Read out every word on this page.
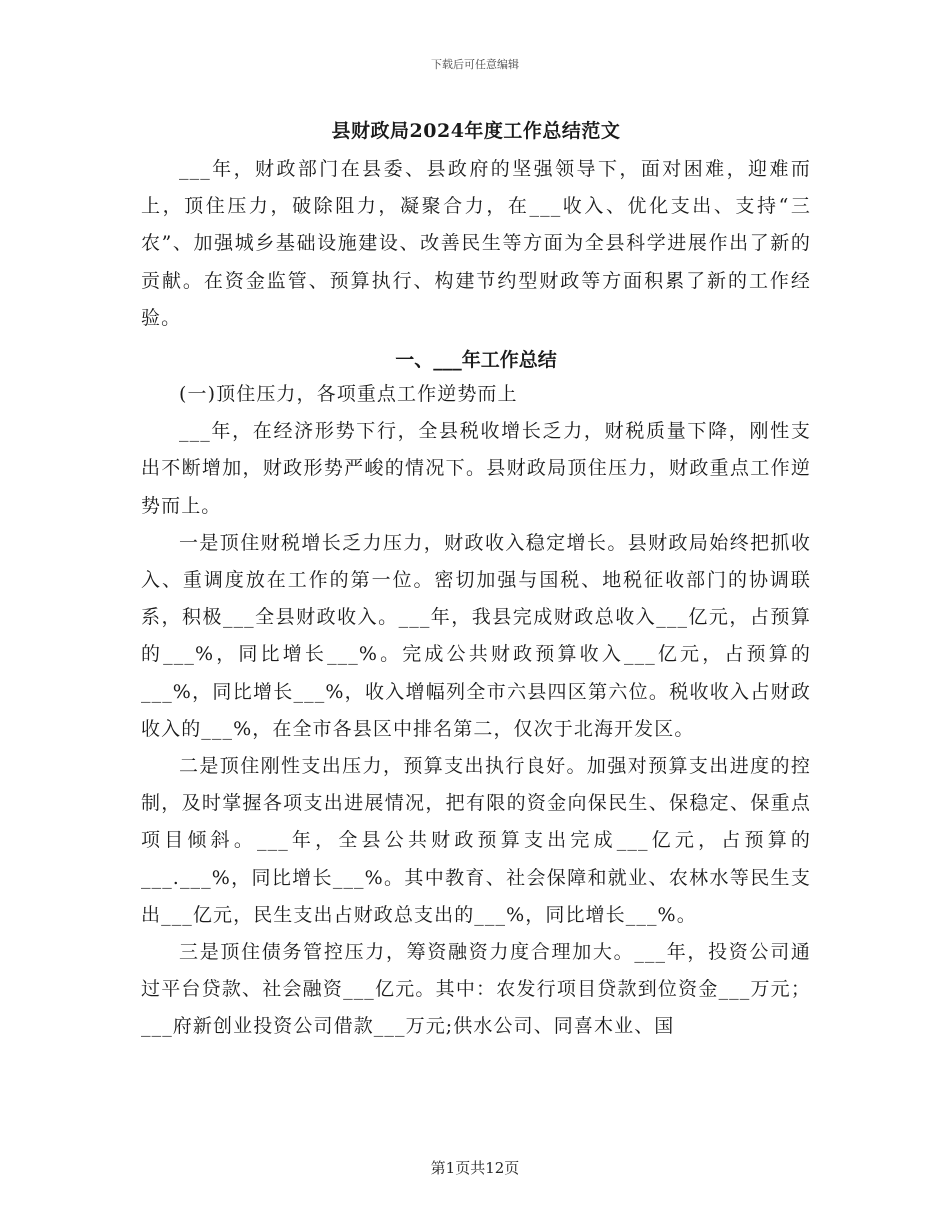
下载后可任意编辑
县财政局2024年度工作总结范文

___年，财政部门在县委、县政府的坚强领导下，面对困难，迎难而上，顶住压力，破除阻力，凝聚合力，在___收入、优化支出、支持“三农”、加强城乡基础设施建设、改善民生等方面为全县科学进展作出了新的贡献。在资金监管、预算执行、构建节约型财政等方面积累了新的工作经验。

一、___年工作总结

(一)顶住压力，各项重点工作逆势而上

___年，在经济形势下行，全县税收增长乏力，财税质量下降，刚性支出不断增加，财政形势严峻的情况下。县财政局顶住压力，财政重点工作逆势而上。

一是顶住财税增长乏力压力，财政收入稳定增长。县财政局始终把抓收入、重调度放在工作的第一位。密切加强与国税、地税征收部门的协调联系，积极___全县财政收入。___年，我县完成财政总收入___亿元，占预算的___%，同比增长___%。完成公共财政预算收入___亿元，占预算的___%，同比增长___%，收入增幅列全市六县四区第六位。税收收入占财政收入的___%，在全市各县区中排名第二，仅次于北海开发区。

二是顶住刚性支出压力，预算支出执行良好。加强对预算支出进度的控制，及时掌握各项支出进展情况，把有限的资金向保民生、保稳定、保重点项目倾斜。___年，全县公共财政预算支出完成___亿元，占预算的___.___%，同比增长___%。其中教育、社会保障和就业、农林水等民生支出___亿元，民生支出占财政总支出的___%，同比增长___%。

三是顶住债务管控压力，筹资融资力度合理加大。___年，投资公司通过平台贷款、社会融资___亿元。其中：农发行项目贷款到位资金___万元；___府新创业投资公司借款___万元;供水公司、同喜木业、国

第1页共12页
